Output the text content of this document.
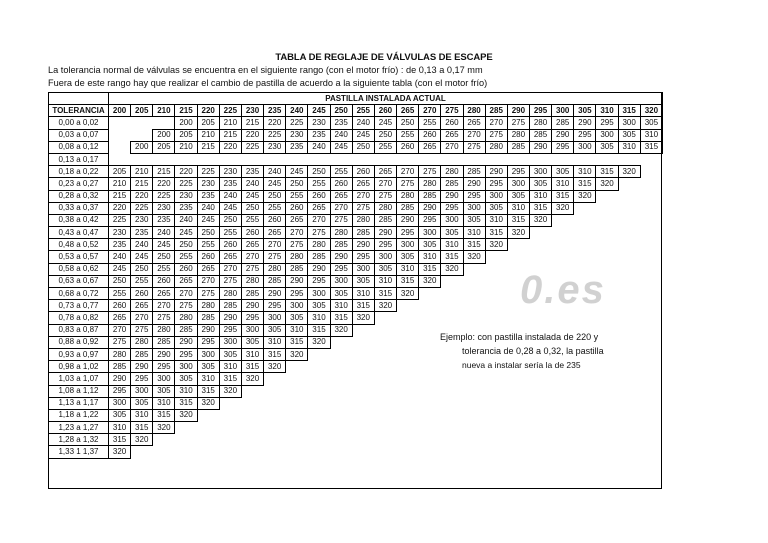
TABLA DE REGLAJE DE VÁLVULAS DE ESCAPE
La tolerancia normal de válvulas se encuentra en el siguiente rango (con el motor frío) : de 0,13 a 0,17 mm
Fuera de este rango hay que realizar el cambio de pastilla de acuerdo a la siguiente tabla (con el motor frío)
	PASTILLA INSTALADA ACTUAL																								
TOLERANCIA	200	205	210	215	220	225	230	235	240	245	250	255	260	265	270	275	280	285	290	295	300	305	310	315	320
0,00 a 0,02				200	205	210	215	220	225	230	235	240	245	250	255	260	265	270	275	280	285	290	295	300	305
0,03 a 0,07			200	205	210	215	220	225	230	235	240	245	250	255	260	265	270	275	280	285	290	295	300	305	310
0,08 a 0,12		200	205	210	215	220	225	230	235	240	245	250	255	260	265	270	275	280	285	290	295	300	305	310	315
0,13 a 0,17																									
0,18 a 0,22	205	210	215	220	225	230	235	240	245	250	255	260	265	270	275	280	285	290	295	300	305	310	315	320	
0,23 a 0,27	210	215	220	225	230	235	240	245	250	255	260	265	270	275	280	285	290	295	300	305	310	315	320		
0,28 a 0,32	215	220	225	230	235	240	245	250	255	260	265	270	275	280	285	290	295	300	305	310	315	320			
0,33 a 0,37	220	225	230	235	240	245	250	255	260	265	270	275	280	285	290	295	300	305	310	315	320				
0,38 a 0,42	225	230	235	240	245	250	255	260	265	270	275	280	285	290	295	300	305	310	315	320					
0,43 a 0,47	230	235	240	245	250	255	260	265	270	275	280	285	290	295	300	305	310	315	320						
0,48 a 0,52	235	240	245	250	255	260	265	270	275	280	285	290	295	300	305	310	315	320							
0,53 a 0,57	240	245	250	255	260	265	270	275	280	285	290	295	300	305	310	315	320								
0,58 a 0,62	245	250	255	260	265	270	275	280	285	290	295	300	305	310	315	320									
0,63 a 0,67	250	255	260	265	270	275	280	285	290	295	300	305	310	315	320										
0,68 a 0,72	255	260	265	270	275	280	285	290	295	300	305	310	315	320											
0,73 a 0,77	260	265	270	275	280	285	290	295	300	305	310	315	320												
0,78 a 0,82	265	270	275	280	285	290	295	300	305	310	315	320													
0,83 a 0,87	270	275	280	285	290	295	300	305	310	315	320														
0,88 a 0,92	275	280	285	290	295	300	305	310	315	320															
0,93 a 0,97	280	285	290	295	300	305	310	315	320																
0,98 a 1,02	285	290	295	300	305	310	315	320																	
1,03 a 1,07	290	295	300	305	310	315	320																		
1,08 a 1,12	295	300	305	310	315	320																			
1,13 a 1,17	300	305	310	315	320																				
1,18 a 1,22	305	310	315	320																					
1,23 a 1,27	310	315	320																						
1,28 a 1,32	315	320																							
1,33 1 1,37	320																								
0.es
Ejemplo: con pastilla instalada de 220 y
tolerancia de 0,28 a 0,32, la pastilla
nueva a instalar sería la de 235
